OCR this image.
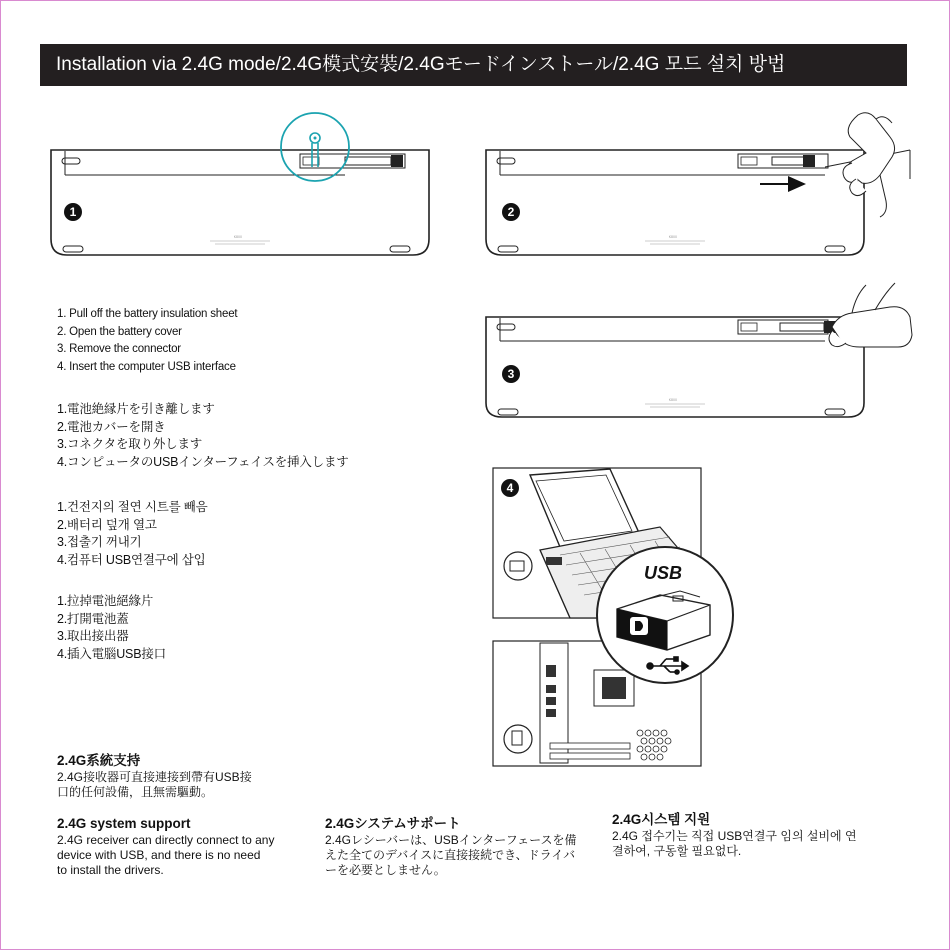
Installation via 2.4G mode/2.4G模式安裝/2.4Gモードインストール/2.4G 모드 설치 방법
K800
1
K800
2
K800
3
4
USB
1. Pull off the battery insulation sheet
2. Open the battery cover
3. Remove the connector
4. Insert the computer USB interface
1.電池絶縁片を引き離します
2.電池カバーを開き
3.コネクタを取り外します
4.コンピュータのUSBインターフェイスを挿入します
1.건전지의 절연 시트를 빼음
2.배터리 덮개 열고
3.접출기 꺼내기
4.컴퓨터 USB연결구에 삽입
1.拉掉電池絕緣片
2.打開電池蓋
3.取出接出器
4.插入電腦USB接口
2.4G系統支持
2.4G接收器可直接連接到帶有USB接
口的任何設備，且無需驅動。
2.4G system support
2.4G receiver can directly connect to any
device with USB, and there is no need
to install the drivers.
2.4Gシステムサポート
2.4Gレシーバーは、USBインターフェースを備
えた全てのデバイスに直接接続でき、ドライバ
ーを必要としません。
2.4G시스템 지원
2.4G 접수기는 직접 USB연결구 임의 설비에 연
결하여, 구동할 필요없다.
